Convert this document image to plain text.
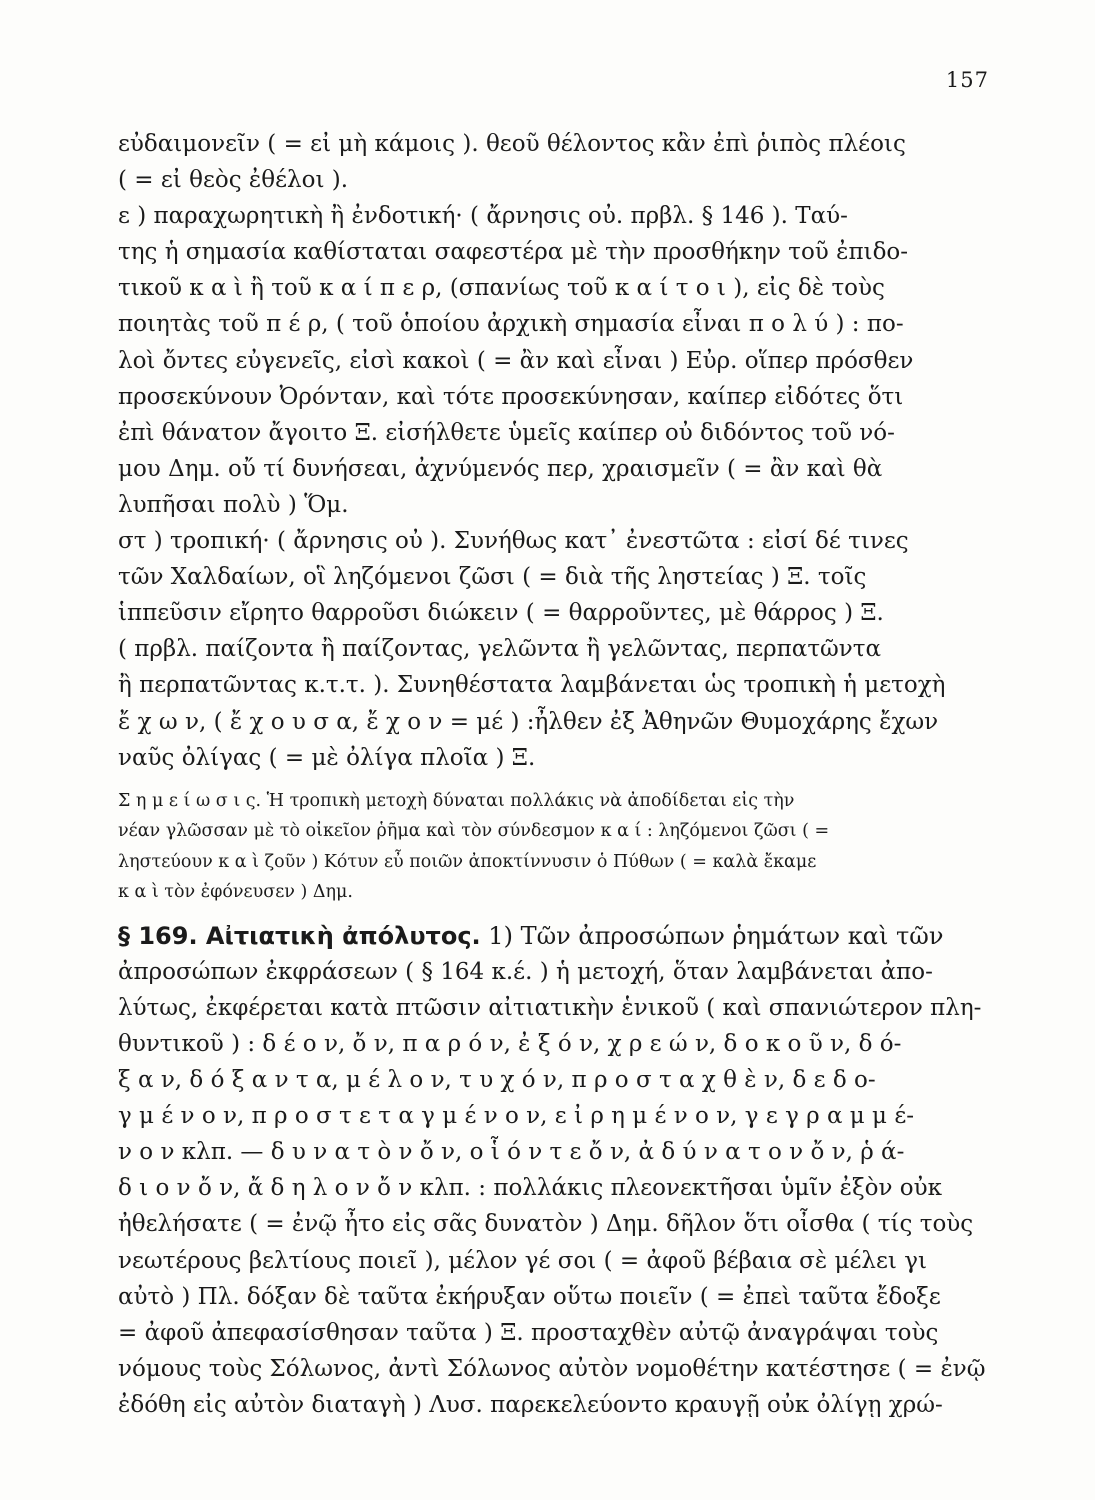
157
εὐδαιμονεῖν ( = εἰ μὴ κάμοις ). θεοῦ θέλοντος κἂν ἐπὶ ῥιπὸς πλέοις
( = εἰ θεὸς ἐθέλοι ).
ε ) παραχωρητικὴ ἢ ἐνδοτική· ( ἄρνησις οὐ. πρβλ. § 146 ). Ταύ-
της ἡ σημασία καθίσταται σαφεστέρα μὲ τὴν προσθήκην τοῦ ἐπιδο-
τικοῦ κ α ὶ ἢ τοῦ κ α ί π ε ρ, (σπανίως τοῦ κ α ί τ ο ι ), εἰς δὲ τοὺς
ποιητὰς τοῦ π έ ρ, ( τοῦ ὁποίου ἀρχικὴ σημασία εἶναι π ο λ ύ ) : πο-
λοὶ ὄντες εὐγενεῖς, εἰσὶ κακοὶ ( = ἂν καὶ εἶναι ) Εὐρ. οἵπερ πρόσθεν
προσεκύνουν Ὀρόνταν, καὶ τότε προσεκύνησαν, καίπερ εἰδότες ὅτι
ἐπὶ θάνατον ἄγοιτο Ξ. εἰσήλθετε ὑμεῖς καίπερ οὐ διδόντος τοῦ νό-
μου Δημ. οὔ τί δυνήσεαι, ἀχνύμενός περ, χραισμεῖν ( = ἂν καὶ θὰ
λυπῆσαι πολὺ ) Ὅμ.
στ ) τροπική· ( ἄρνησις οὐ ). Συνήθως κατ᾽ ἐνεστῶτα : εἰσί δέ τινες
τῶν Χαλδαίων, οἳ ληζόμενοι ζῶσι ( = διὰ τῆς ληστείας ) Ξ. τοῖς
ἱππεῦσιν εἴρητο θαρροῦσι διώκειν ( = θαρροῦντες, μὲ θάρρος ) Ξ.
( πρβλ. παίζοντα ἢ παίζοντας, γελῶντα ἢ γελῶντας, περπατῶντα
ἢ περπατῶντας κ.τ.τ. ). Συνηθέστατα λαμβάνεται ὡς τροπικὴ ἡ μετοχὴ
ἔ χ ω ν, ( ἔ χ ο υ σ α, ἔ χ ο ν = μέ ) :ἦλθεν ἐξ Ἀθηνῶν Θυμοχάρης ἔχων
ναῦς ὀλίγας ( = μὲ ὀλίγα πλοῖα ) Ξ.
Σ η μ ε ί ω σ ι ς. Ἡ τροπικὴ μετοχὴ δύναται πολλάκις νὰ ἀποδίδεται εἰς τὴν
νέαν γλῶσσαν μὲ τὸ οἰκεῖον ῥῆμα καὶ τὸν σύνδεσμον κ α ί : ληζόμενοι ζῶσι ( =
ληστεύουν κ α ὶ ζοῦν ) Κότυν εὖ ποιῶν ἀποκτίννυσιν ὁ Πύθων ( = καλὰ ἔκαμε
κ α ὶ τὸν ἐφόνευσεν ) Δημ.
§ 169. Αἰτιατικὴ ἀπόλυτος. 1) Τῶν ἀπροσώπων ῥημάτων καὶ τῶν
ἀπροσώπων ἐκφράσεων ( § 164 κ.έ. ) ἡ μετοχή, ὅταν λαμβάνεται ἀπο-
λύτως, ἐκφέρεται κατὰ πτῶσιν αἰτιατικὴν ἑνικοῦ ( καὶ σπανιώτερον πλη-
θυντικοῦ ) : δ έ ο ν, ὄ ν, π α ρ ό ν, ἐ ξ ό ν, χ ρ ε ώ ν, δ ο κ ο ῦ ν, δ ό-
ξ α ν, δ ό ξ α ν τ α, μ έ λ ο ν, τ υ χ ό ν, π ρ ο σ τ α χ θ ὲ ν, δ ε δ ο-
γ μ έ ν ο ν, π ρ ο σ τ ε τ α γ μ έ ν ο ν, ε ἰ ρ η μ έ ν ο ν, γ ε γ ρ α μ μ έ-
ν ο ν κλπ. — δ υ ν α τ ὸ ν ὄ ν, ο ἷ ό ν τ ε ὄ ν, ἀ δ ύ ν α τ ο ν ὄ ν, ῥ ά-
δ ι ο ν ὄ ν, ἄ δ η λ ο ν ὄ ν κλπ. : πολλάκις πλεονεκτῆσαι ὑμῖν ἐξὸν οὐκ
ἠθελήσατε ( = ἐνῷ ἦτο εἰς σᾶς δυνατὸν ) Δημ. δῆλον ὅτι οἶσθα ( τίς τοὺς
νεωτέρους βελτίους ποιεῖ ), μέλον γέ σοι ( = ἀφοῦ βέβαια σὲ μέλει γι
αὐτὸ ) Πλ. δόξαν δὲ ταῦτα ἐκήρυξαν οὕτω ποιεῖν ( = ἐπεὶ ταῦτα ἔδοξε
= ἀφοῦ ἀπεφασίσθησαν ταῦτα ) Ξ. προσταχθὲν αὐτῷ ἀναγράψαι τοὺς
νόμους τοὺς Σόλωνος, ἀντὶ Σόλωνος αὐτὸν νομοθέτην κατέστησε ( = ἐνῷ
ἐδόθη εἰς αὐτὸν διαταγὴ ) Λυσ. παρεκελεύοντο κραυγῇ οὐκ ὀλίγῃ χρώ-
